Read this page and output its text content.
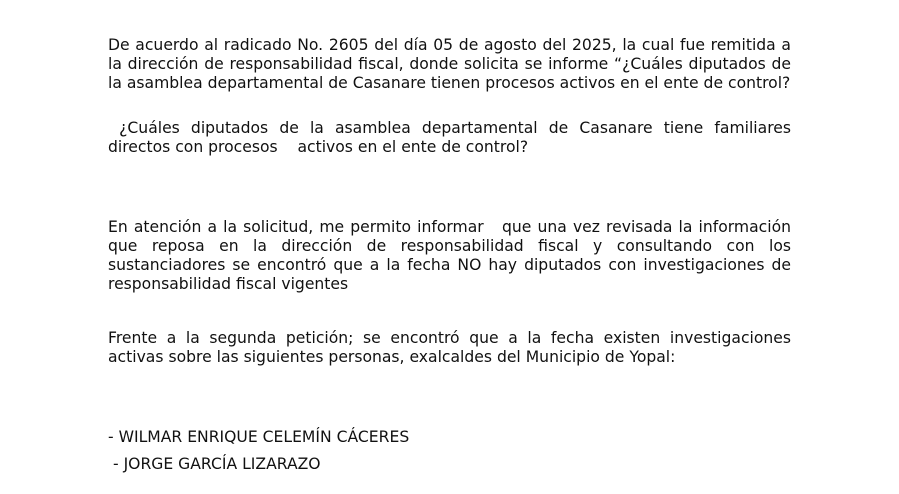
De acuerdo al radicado No. 2605 del día 05 de agosto del 2025, la cual fue remitida a la dirección de responsabilidad fiscal, donde solicita se informe “¿Cuáles diputados de la asamblea departamental de Casanare tienen procesos activos en el ente de control?

¿Cuáles diputados de la asamblea departamental de Casanare tiene familiares directos con procesos    activos en el ente de control?

En atención a la solicitud, me permito informar   que una vez revisada la información que reposa en la dirección de responsabilidad fiscal y consultando con los sustanciadores se encontró que a la fecha NO hay diputados con investigaciones de responsabilidad fiscal vigentes

Frente a la segunda petición; se encontró que a la fecha existen investigaciones activas sobre las siguientes personas, exalcaldes del Municipio de Yopal:

- WILMAR ENRIQUE CELEMÍN CÁCERES

- JORGE GARCÍA LIZARAZO
